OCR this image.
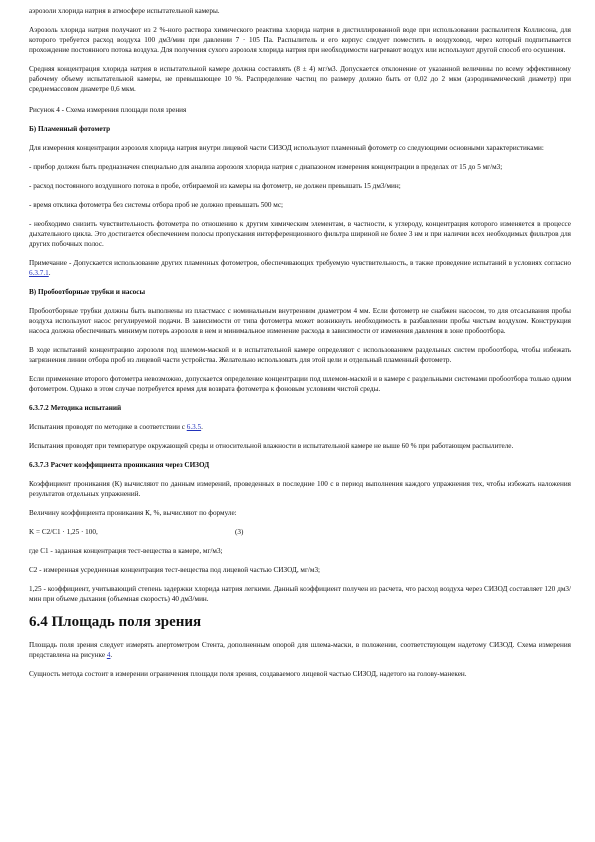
аэрозоли хлорида натрия в атмосфере испытательной камеры.

Аэрозоль хлорида натрия получают из 2 %-ного раствора химического реактива хлорида натрия в дистиллированной воде при использовании распылителя Коллисона, для которого требуется расход воздуха 100 дм3/мин при давлении 7 · 105 Па. Распылитель и его корпус следует поместить в воздуховод, через который подпитывается прохождение постоянного потока воздуха. Для получения сухого аэрозоля хлорида натрия при необходимости нагревают воздух или используют другой способ его осушения.

Средняя концентрация хлорида натрия в испытательной камере должна составлять (8 ± 4) мг/м3. Допускается отклонение от указанной величины по всему эффективному рабочему объему испытательной камеры, не превышающее 10 %. Распределение частиц по размеру должно быть от 0,02 до 2 мкм (аэродинамический диаметр) при среднемассовом диаметре 0,6 мкм.

Рисунок 4 - Схема измерения площади поля зрения

Б) Пламенный фотометр

Для измерения концентрации аэрозоля хлорида натрия внутри лицевой части СИЗОД используют пламенный фотометр со следующими основными характеристиками:

- прибор должен быть предназначен специально для анализа аэрозоля хлорида натрия с диапазоном измерения концентрации в пределах от 15 до 5 мг/м3;

- расход постоянного воздушного потока в пробе, отбираемой из камеры на фотометр, не должен превышать 15 дм3/мин;

- время отклика фотометра без системы отбора проб не должно превышать 500 мс;

- необходимо снизить чувствительность фотометра по отношению к другим химическим элементам, в частности, к углероду, концентрация которого изменяется в процессе дыхательного цикла. Это достигается обеспечением полосы пропускания интерференционного фильтра шириной не более 3 нм и при наличии всех необходимых фильтров для других побочных полос.

Примечание - Допускается использование других пламенных фотометров, обеспечивающих требуемую чувствительность, в также проведение испытаний в условиях согласно 6.3.7.1.

В) Пробоотборные трубки и насосы

Пробоотборные трубки должны быть выполнены из пластмасс с номинальным внутренним диаметром 4 мм. Если фотометр не снабжен насосом, то для отсасывания пробы воздуха используют насос регулируемой подачи. В зависимости от типа фотометра может возникнуть необходимость в разбавлении пробы чистым воздухом. Конструкция насоса должна обеспечивать минимум потерь аэрозоля в нем и минимальное изменение расхода в зависимости от изменения давления в зоне пробоотбора.

В ходе испытаний концентрацию аэрозоля под шлемом-маской и в испытательной камере определяют с использованием раздельных систем пробоотбора, чтобы избежать загрязнения линии отбора проб из лицевой части устройства. Желательно использовать для этой цели и отдельный пламенный фотометр.

Если применение второго фотометра невозможно, допускается определение концентрации под шлемом-маской и в камере с раздельными системами пробоотбора только одним фотометром. Однако в этом случае потребуется время для возврата фотометра к фоновым условиям чистой среды.

6.3.7.2 Методика испытаний

Испытания проводят по методике в соответствии с 6.3.5.

Испытания проводят при температуре окружающей среды и относительной влажности в испытательной камере не выше 60 % при работающем распылителе.

6.3.7.3 Расчет коэффициента проникания через СИЗОД

Коэффициент проникания (К) вычисляют по данным измерений, проведенных в последние 100 с в период выполнения каждого упражнения тех, чтобы избежать наложения результатов отдельных упражнений.

Величину коэффициента проникания К, %, вычисляют по формуле:

K = C2/C1 · 1,25 · 100,	(3)

где C1 - заданная концентрация тест-вещества в камере, мг/м3;

C2 - измеренная усредненная концентрация тест-вещества под лицевой частью СИЗОД, мг/м3;

1,25 - коэффициент, учитывающий степень задержки хлорида натрия легкими. Данный коэффициент получен из расчета, что расход воздуха через СИЗОД составляет 120 дм3/мин при объеме дыхания (объемная скорость) 40 дм3/мин.

6.4 Площадь поля зрения

Площадь поля зрения следует измерять апертометром Стента, дополненным опорой для шлема-маски, в положении, соответствующем надетому СИЗОД. Схема измерения представлена на рисунке 4.

Сущность метода состоит в измерении ограничения площади поля зрения, создаваемого лицевой частью СИЗОД, надетого на голову-манекен.
